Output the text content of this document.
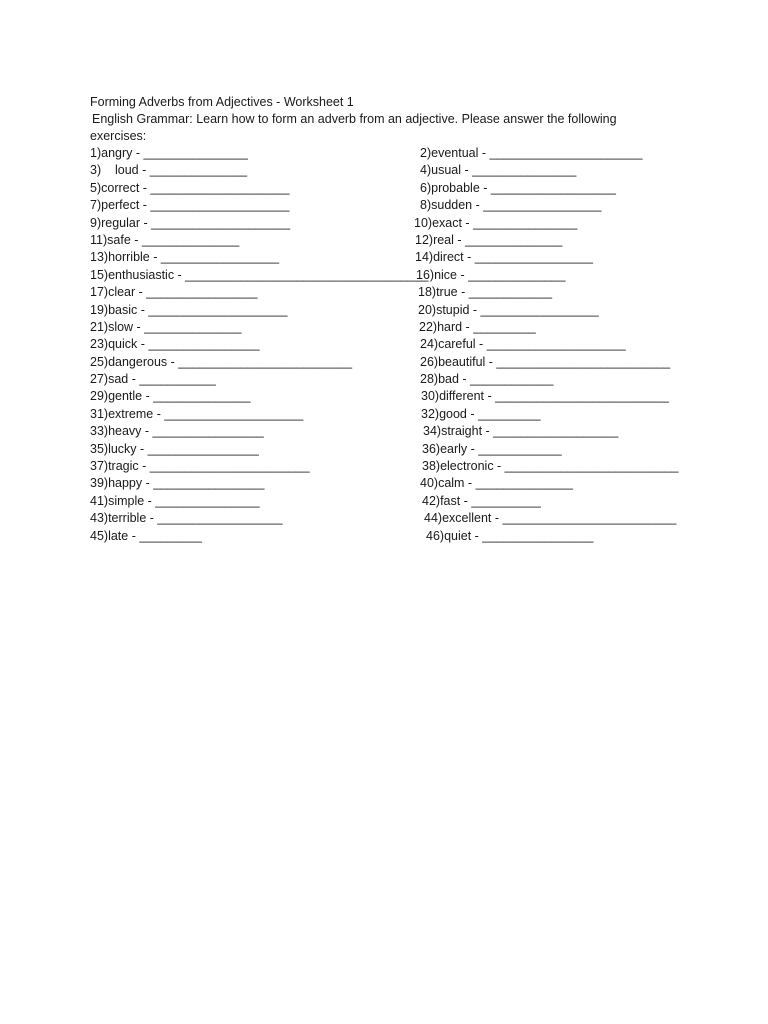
Forming Adverbs from Adjectives - Worksheet 1
English Grammar: Learn how to form an adverb from an adjective. Please answer the following
exercises:

1)angry - _______________

	2)eventual - ______________________

3)    loud - ______________

	4)usual - _______________

5)correct - ____________________

	6)probable - __________________

7)perfect - ____________________

	8)sudden - _________________

9)regular - ____________________

	10)exact - _______________

11)safe - ______________

	12)real - ______________

13)horrible - _________________

	14)direct - _________________

15)enthusiastic - ___________________________________

16)nice - ______________

17)clear - ________________

	18)true - ____________

19)basic - ____________________

	20)stupid - _________________

21)slow - ______________

	22)hard - _________

23)quick - ________________

	24)careful - ____________________

25)dangerous - _________________________

	26)beautiful - _________________________

27)sad - ___________

	28)bad - ____________

29)gentle - ______________

	30)different - _________________________

31)extreme - ____________________

	32)good - _________

33)heavy - ________________

	34)straight - __________________

35)lucky - ________________

	36)early - ____________

37)tragic - _______________________

	38)electronic - _________________________

39)happy - ________________

	40)calm - ______________

41)simple - _______________

	42)fast - __________

43)terrible - __________________

	44)excellent - _________________________

45)late - _________

	46)quiet - ________________
